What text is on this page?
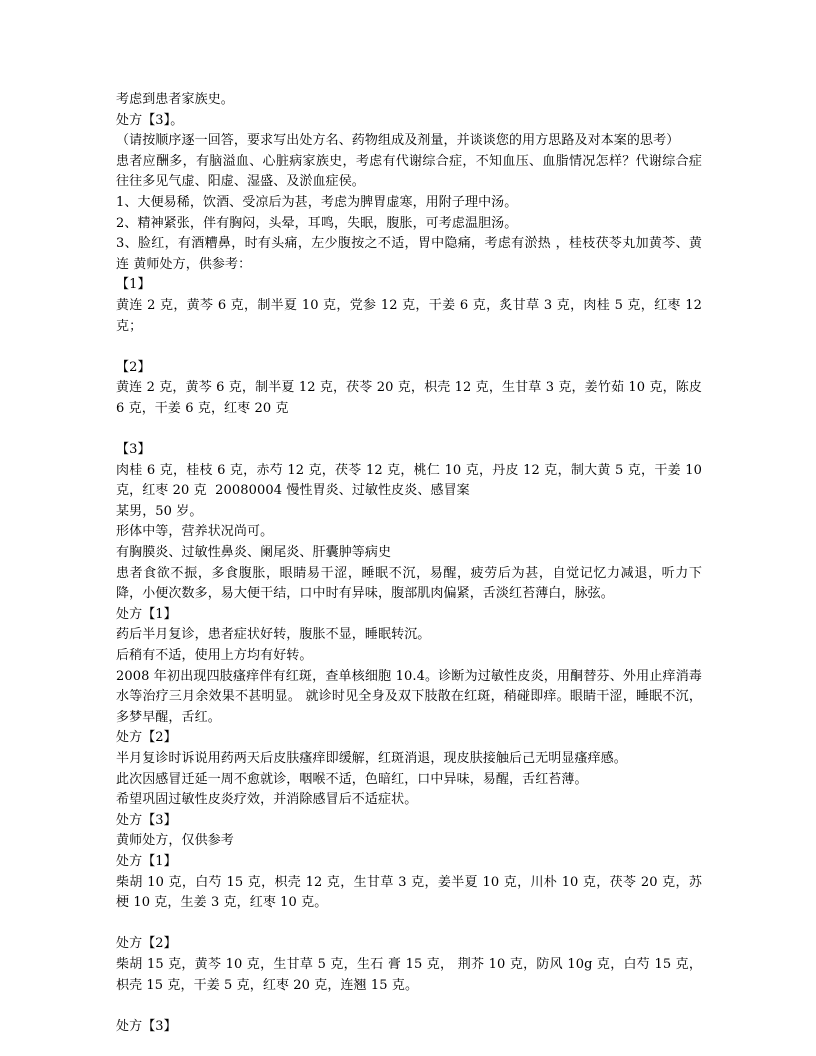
考虑到患者家族史。

处方【3】。

（请按顺序逐一回答，要求写出处方名、药物组成及剂量，并谈谈您的用方思路及对本案的思考）

患者应酬多，有脑溢血、心脏病家族史，考虑有代谢综合症，不知血压、血脂情况怎样？代谢综合症往往多见气虚、阳虚、湿盛、及淤血症侯。

1、大便易稀，饮酒、受凉后为甚，考虑为脾胃虚寒，用附子理中汤。

2、精神紧张，伴有胸闷，头晕，耳鸣，失眠，腹胀，可考虑温胆汤。

3、脸红，有酒糟鼻，时有头痛，左少腹按之不适，胃中隐痛，考虑有淤热 ，桂枝茯苓丸加黄芩、黄连 黄师处方，供参考：

【1】

黄连 2 克，黄芩 6 克，制半夏 10 克，党参 12 克，干姜 6 克，炙甘草 3 克，肉桂 5 克，红枣 12 克；

【2】

黄连 2 克，黄芩 6 克，制半夏 12 克，茯苓 20 克，枳壳 12 克，生甘草 3 克，姜竹茹 10 克，陈皮 6 克，干姜 6 克，红枣 20 克

【3】

肉桂 6 克，桂枝 6 克，赤芍 12 克，茯苓 12 克，桃仁 10 克，丹皮 12 克，制大黄 5 克，干姜 10 克，红枣 20 克  20080004 慢性胃炎、过敏性皮炎、感冒案

某男，50 岁。

形体中等，营养状况尚可。

有胸膜炎、过敏性鼻炎、阑尾炎、肝囊肿等病史

患者食欲不振，多食腹胀，眼睛易干涩，睡眠不沉，易醒，疲劳后为甚，自觉记忆力减退，听力下降，小便次数多，易大便干结，口中时有异味，腹部肌肉偏紧，舌淡红苔薄白，脉弦。

处方【1】

药后半月复诊，患者症状好转，腹胀不显，睡眠转沉。

后稍有不适，使用上方均有好转。

2008 年初出现四肢瘙痒伴有红斑，查单核细胞 10.4。诊断为过敏性皮炎，用酮替芬、外用止痒消毒水等治疗三月余效果不甚明显。 就诊时见全身及双下肢散在红斑，稍碰即痒。眼睛干涩，睡眠不沉，多梦早醒，舌红。

处方【2】

半月复诊时诉说用药两天后皮肤瘙痒即缓解，红斑消退，现皮肤接触后己无明显瘙痒感。

此次因感冒迁延一周不愈就诊，咽喉不适，色暗红，口中异味，易醒，舌红苔薄。

希望巩固过敏性皮炎疗效，并消除感冒后不适症状。

处方【3】

黄师处方，仅供参考

处方【1】

柴胡 10 克，白芍 15 克，枳壳 12 克，生甘草 3 克，姜半夏 10 克，川朴 10 克，茯苓 20 克，苏梗 10 克，生姜 3 克，红枣 10 克。

处方【2】

柴胡 15 克，黄芩 10 克，生甘草 5 克，生石 膏 15 克， 荆芥 10 克，防风 10g 克，白芍 15 克，枳壳 15 克，干姜 5 克，红枣 20 克，连翘 15 克。

处方【3】
